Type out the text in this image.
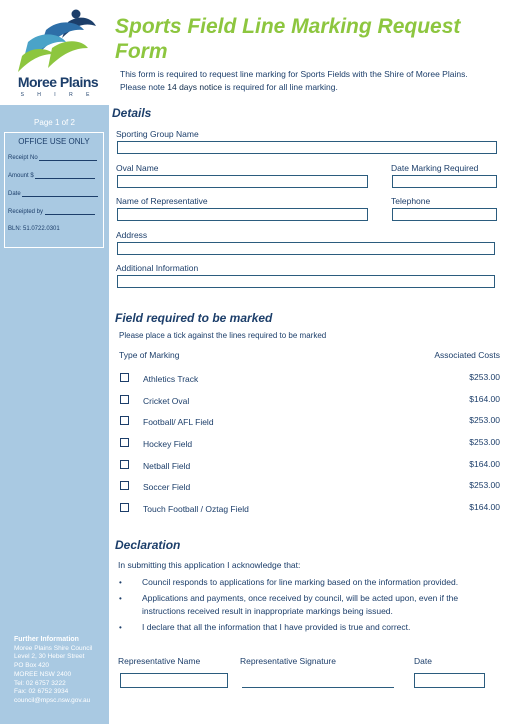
Moree Plains
S H I R E
Page 1 of 2
OFFICE USE ONLY
Receipt No
Amount $
Date
Receipted by
BLN: 51.0722.0301
Further Information
Moree Plains Shire Council
Level 2, 30 Heber Street
PO Box 420
MOREE NSW 2400
Tel: 02 6757 3222
Fax: 02 6752 3934
council@mpsc.nsw.gov.au
Sports Field Line Marking Request Form
This form is required to request line marking for Sports Fields with the Shire of Moree Plains.
Please note 14 days notice is required for all line marking.
Details
Sporting Group Name
Oval Name	Date Marking Required
Name of Representative	Telephone
Address
Additional Information
Field required to be marked
Please place a tick against the lines required to be marked
Type of Marking	Associated Costs
Athletics Track	$253.00
Cricket Oval	$164.00
Football/ AFL Field	$253.00
Hockey Field	$253.00
Netball Field	$164.00
Soccer Field	$253.00
Touch Football / Oztag Field	$164.00
Declaration
In submitting this application I acknowledge that:
• Council responds to applications for line marking based on the information provided.
• Applications and payments, once received by council, will be acted upon, even if the instructions received result in inappropriate markings being issued.
• I declare that all the information that I have provided is true and correct.
Representative Name	Representative Signature	Date
